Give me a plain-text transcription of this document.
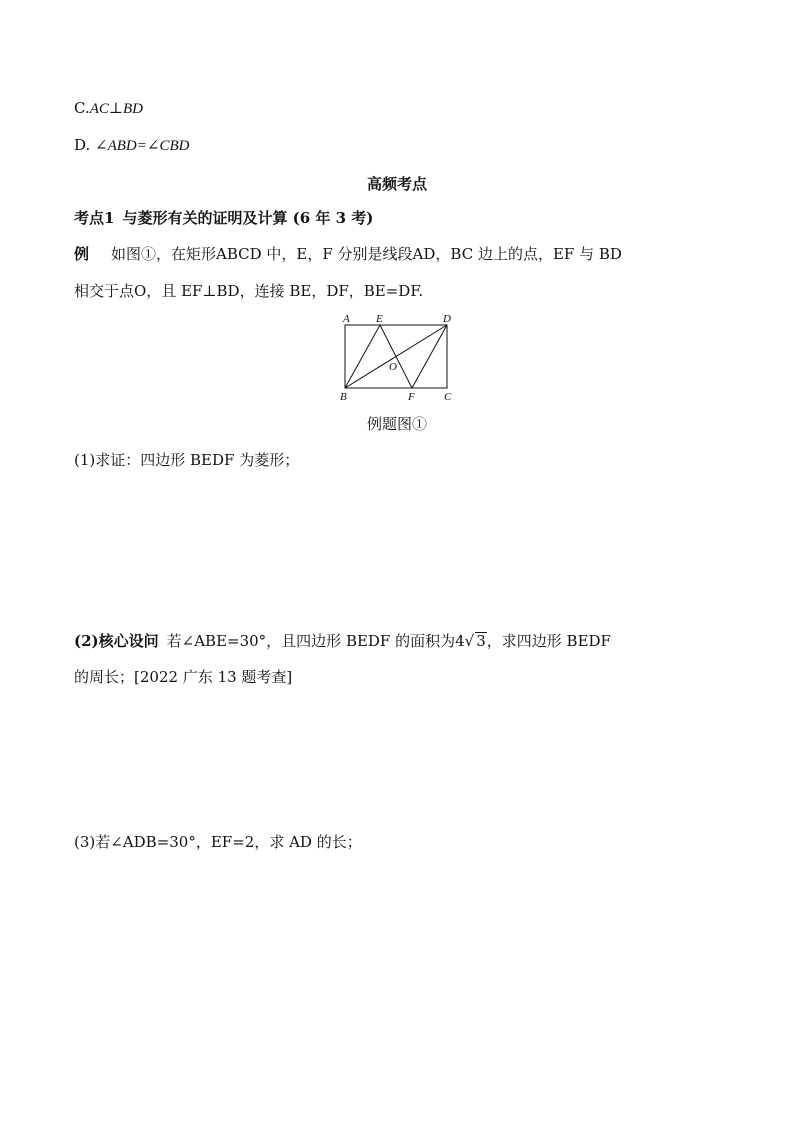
C.AC⊥BD
D. ∠ABD=∠CBD
高频考点
考点1 与菱形有关的证明及计算 (6 年 3 考)
例 如图①，在矩形ABCD 中，E，F 分别是线段AD，BC 边上的点，EF 与 BD
相交于点O，且 EF⊥BD，连接 BE，DF，BE=DF.
A E	D
O
B	F	C
例题图①
(1)求证：四边形 BEDF 为菱形；
(2)核心设问 若∠ABE=30°，且四边形 BEDF 的面积为4√ 3，求四边形 BEDF
的周长；[2022 广东 13 题考查]
(3)若∠ADB=30°，EF=2，求 AD 的长；
